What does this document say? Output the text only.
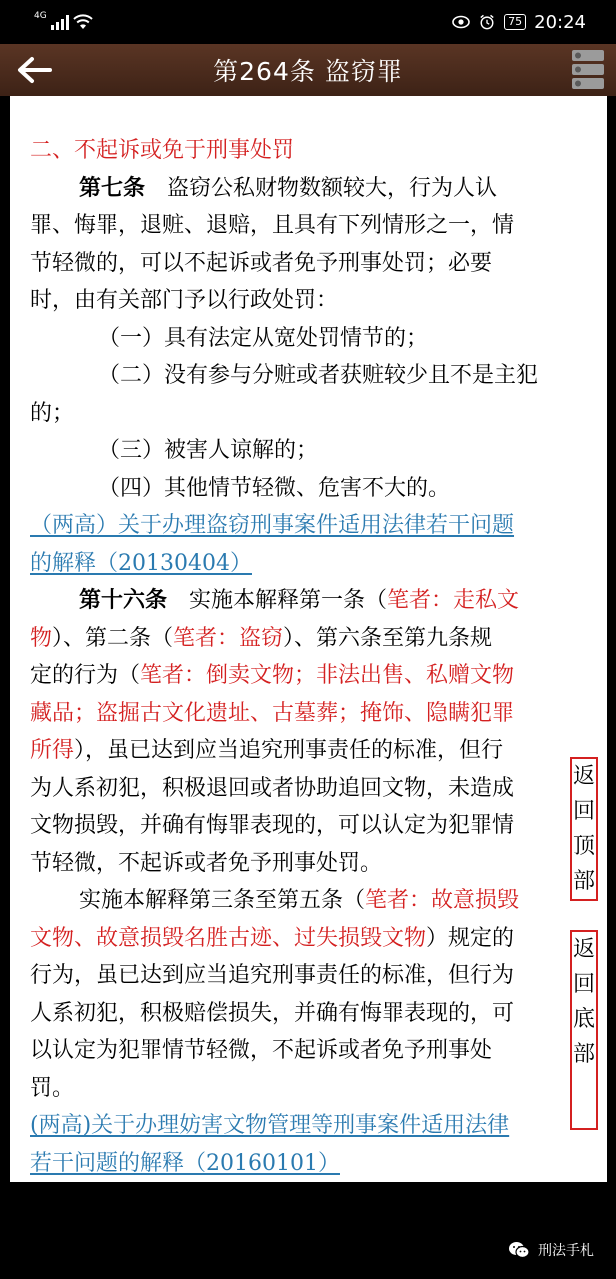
4G	75 20:24
第264条 盗窃罪
二、不起诉或免于刑事处罚
第七条　盗窃公私财物数额较大，行为人认
罪、悔罪，退赃、退赔，且具有下列情形之一，情
节轻微的，可以不起诉或者免予刑事处罚；必要
时，由有关部门予以行政处罚：
（一）具有法定从宽处罚情节的；
（二）没有参与分赃或者获赃较少且不是主犯
的；
（三）被害人谅解的；
（四）其他情节轻微、危害不大的。
（两高）关于办理盗窃刑事案件适用法律若干问题
的解释（20130404）
第十六条　实施本解释第一条（笔者：走私文
物）、第二条（笔者：盗窃）、第六条至第九条规
定的行为（笔者：倒卖文物；非法出售、私赠文物
藏品；盗掘古文化遗址、古墓葬；掩饰、隐瞒犯罪
所得），虽已达到应当追究刑事责任的标准，但行
为人系初犯，积极退回或者协助追回文物，未造成
文物损毁，并确有悔罪表现的，可以认定为犯罪情
节轻微，不起诉或者免予刑事处罚。
实施本解释第三条至第五条（笔者：故意损毁
文物、故意损毁名胜古迹、过失损毁文物）规定的
行为，虽已达到应当追究刑事责任的标准，但行为
人系初犯，积极赔偿损失，并确有悔罪表现的，可
以认定为犯罪情节轻微，不起诉或者免予刑事处
罚。
(两高)关于办理妨害文物管理等刑事案件适用法律
若干问题的解释（20160101）
返
回
顶
部
返
回
底
部
刑法手札
